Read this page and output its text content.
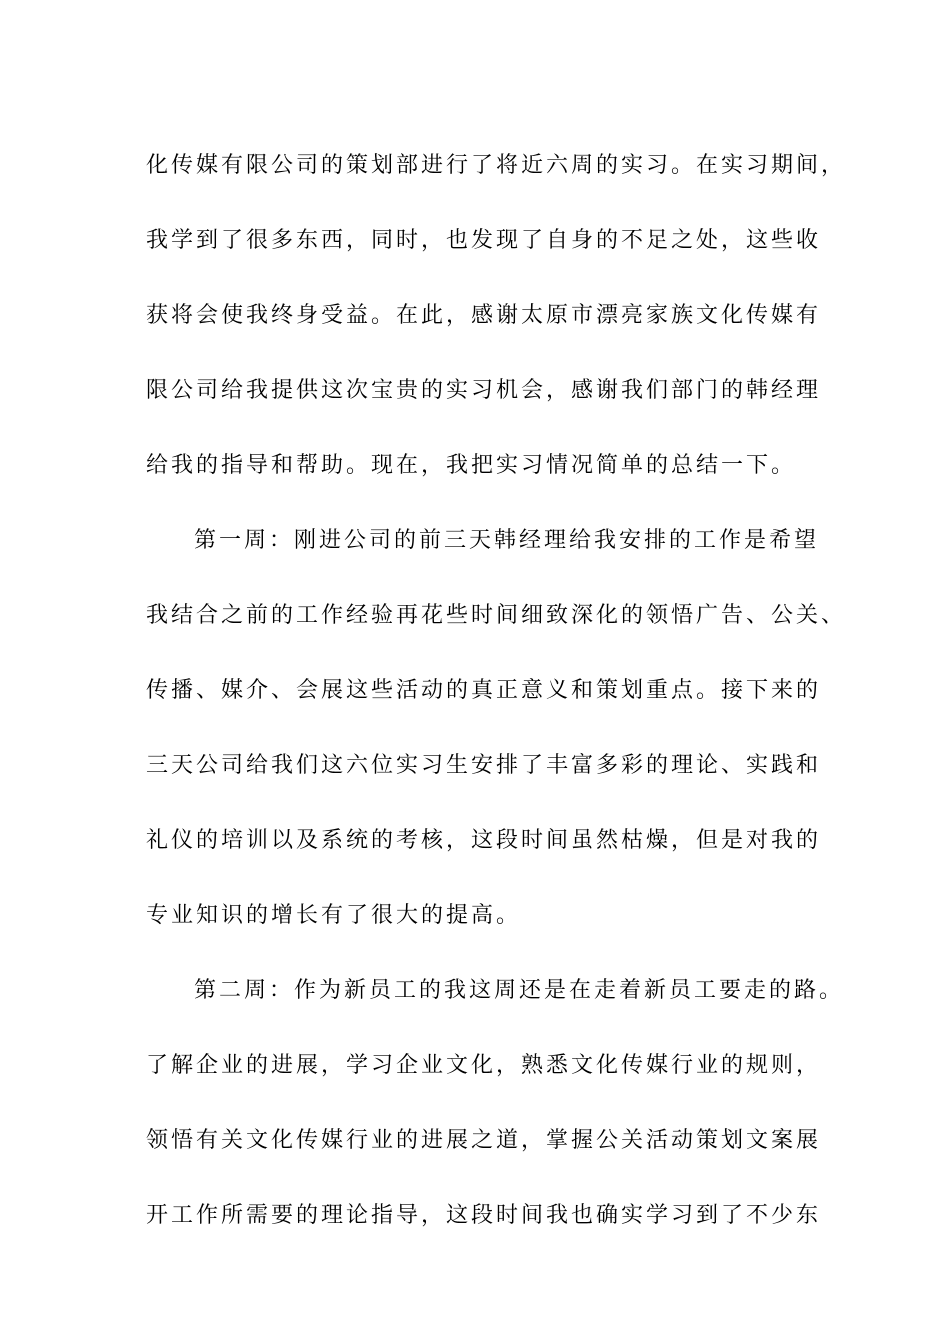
化传媒有限公司的策划部进行了将近六周的实习。在实习期间，
我学到了很多东西，同时，也发现了自身的不足之处，这些收
获将会使我终身受益。在此，感谢太原市漂亮家族文化传媒有
限公司给我提供这次宝贵的实习机会，感谢我们部门的韩经理
给我的指导和帮助。现在，我把实习情况简单的总结一下。
第一周：刚进公司的前三天韩经理给我安排的工作是希望
我结合之前的工作经验再花些时间细致深化的领悟广告、公关、
传播、媒介、会展这些活动的真正意义和策划重点。接下来的
三天公司给我们这六位实习生安排了丰富多彩的理论、实践和
礼仪的培训以及系统的考核，这段时间虽然枯燥，但是对我的
专业知识的增长有了很大的提高。
第二周：作为新员工的我这周还是在走着新员工要走的路。
了解企业的进展，学习企业文化，熟悉文化传媒行业的规则，
领悟有关文化传媒行业的进展之道，掌握公关活动策划文案展
开工作所需要的理论指导，这段时间我也确实学习到了不少东
